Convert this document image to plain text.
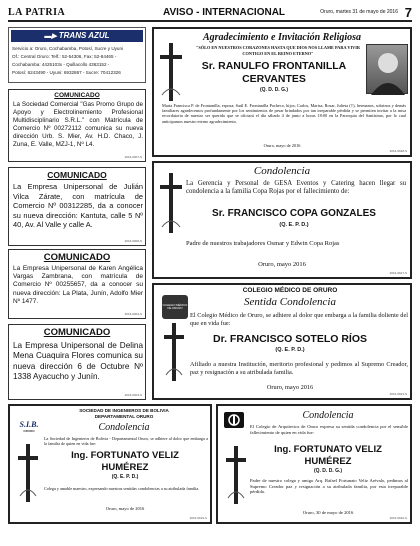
LA PATRIA	AVISO - INTERNACIONAL	Oruro, martes 31 de mayo de 2016 7
▬▶ TRANS AZUL
Servicio a: Oruro, Cochabamba, Potosí, Sucre y Uyuni
Of.: Central Oruro: Telf.: 52-54306, Fax: 52-84465 -
Cochabamba: 4425103x - Quillacollo 4363152 -
Potosí: 6243490 - Uyuni: 6932867 - Sucre: 70412326
COMUNICADO
La Sociedad Comercial "Gas Promo Grupo de Apoyo y Electrolinemiento Profesional Multidisciplinario S.R.L." con Matrícula de Comercio Nº 00272112 comunica su nueva dirección Urb. S. Mier, Av. H.D. Chaco, J. Zuna, E. Valle, MZJ-1, Nº L4.
2016-0007-S
COMUNICADO
La Empresa Unipersonal de Julián Vilca Zárate, con matrícula de Comercio Nº 00312285, da a conocer su nueva dirección: Kantuta, calle 5 Nº 40, Av. Al Valle y calle A.
2016-0006-S
COMUNICADO
La Empresa Unipersonal de Karen Angélica Vargas Zambrana, con matrícula de Comercio Nº 00255657, da a conocer su nueva dirección: La Plata, Junín, Adolfo Mier Nº 1477.
2016-0004-S
COMUNICADO
La Empresa Unipersonal de Delina Mena Cuaquira Flores comunica su nueva dirección 6 de Octubre Nº 1338 Ayacucho y Junín.
2016-0003-S
Agradecimiento e Invitación Religiosa
"SÓLO EN NUESTROS CORAZONES HASTA QUE DIOS NOS LLAME PARA VIVIR CONTIGO EN EL REINO ETERNO"
Sr. RANULFO FRONTANILLA
CERVANTES
(Q. D. D. G.)
Marta Francisca P. de Frontanilla, esposa; Saúl E. Frontanilla Pacheco, hijos; Carlos, Marisa, Rosar, Julieta (†), hermanos, sobrinos y demás familiares agradecemos profundamente por los sentimientos de pesar brindados por tan irreparable pérdida y se permiten invitar a la misa recordatoria de nuestro ser querido que se oficiará el día sábado 4 de junio a horas 18:00 en la Parroquia del Santísimo, por lo cual anticipamos nuestro eterno agradecimiento.
Oruro, mayo de 2016
2016-0628-S
Condolencia
La Gerencia y Personal de GESA Eventos y Catering hacen llegar su condolencia a la familia Copa Rojas por el fallecimiento de:
Sr. FRANCISCO COPA GONZALES
(Q. E. P. D.)
Padre de nuestros trabajadores Osmar y Edwin Copa Rojas
Oruro, mayo 2016
2016-0627-S
COLEGIO MÉDICO DE ORURO
COLEGIO MÉDICO DE ORURO
Sentida Condolencia
El Colegio Médico de Oruro, se adhiere al dolor que embarga a la familia doliente del que en vida fue:
Dr. FRANCISCO SOTELO RÍOS
(Q. E. P. D.)
Afiliado a nuestra Institución, meritorio profesional y pedimos al Supremo Creador, paz y resignación a su atribulada familia.
Oruro, mayo 2016
2016-0623-S
SOCIEDAD DE INGENIEROS DE BOLIVIA
DEPARTAMENTAL ORURO
S.I.B.
ORURO	Condolencia
La Sociedad de Ingenieros de Bolivia - Departamental Oruro, se adhiere al dolor que embarga a la familia de quien en vida fue:
Ing. FORTUNATO VELIZ
HUMÉREZ
(Q. E. P. D.)
Colega y amable maestro, expresando nuestras sentidas condolencias a su atribulada familia.
Oruro, mayo de 2016
2016-0619-S
Condolencia
El Colegio de Arquitectos de Oruro expresa su sentida condolencia por el sensible fallecimiento de quien en vida fue:
Ing. FORTUNATO VELIZ
HUMÉREZ
(Q. D. D. G.)
Padre de nuestro colega y amigo Arq. Rafael Fortunato Veliz Arévalo, pedimos al Supremo Creador paz y resignación a su atribulada familia, por esta irreparable pérdida.
Oruro, 30 de mayo de 2016
2016-0620-S
